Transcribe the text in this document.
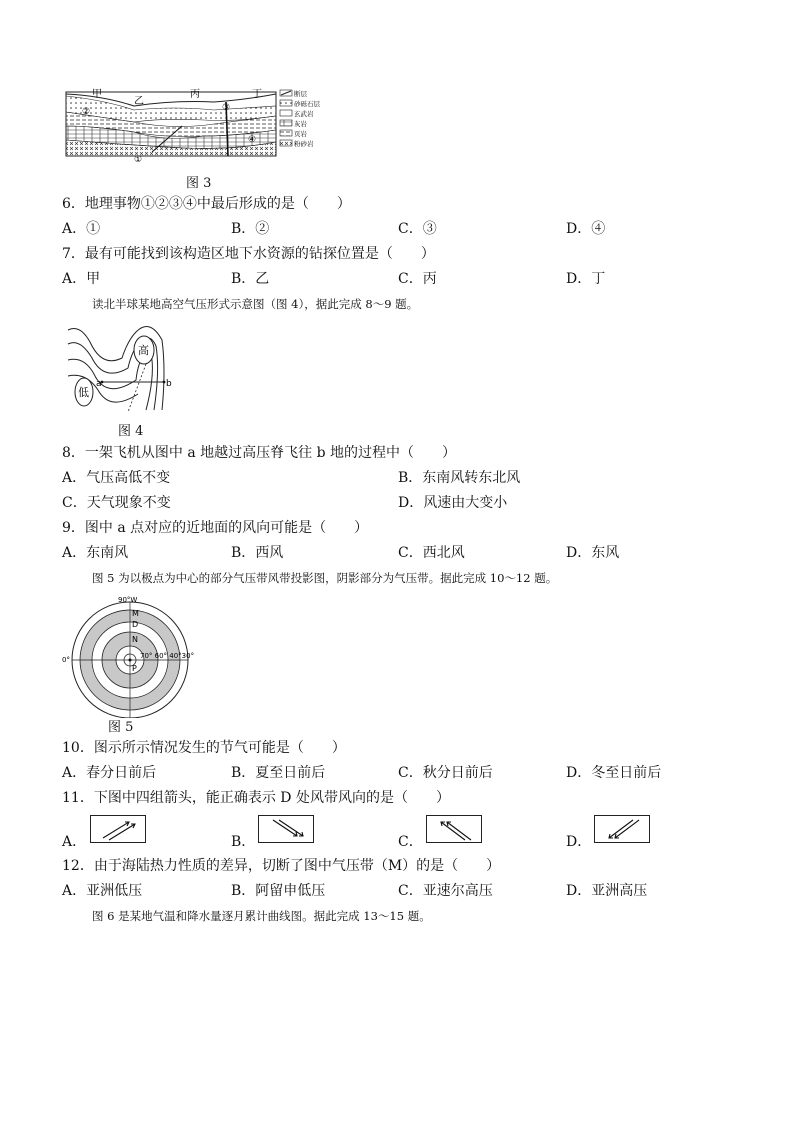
甲
乙
丙	丁
②	③
④
①
断层
砂砾石层
玄武岩
灰岩
页岩
粉砂岩
图 3
6．地理事物①②③④中最后形成的是（　　）
A．①	B．②	C．③	D．④
7．最有可能找到该构造区地下水资源的钻探位置是（　　）
A．甲	B．乙	C．丙	D．丁
读北半球某地高空气压形式示意图（图 4），据此完成 8～9 题。
高
低
a	b
图 4
8．一架飞机从图中 a 地越过高压脊飞往 b 地的过程中（　　）
A．气压高低不变	B．东南风转东北风
C．天气现象不变	D．风速由大变小
9．图中 a 点对应的近地面的风向可能是（　　）
A．东南风	B．西风	C．西北风	D．东风
图 5 为以极点为中心的部分气压带风带投影图，阴影部分为气压带。据此完成 10～12 题。
90°W
0°
M
D
N
P
70° 60° 40°30°
图 5
10．图示所示情况发生的节气可能是（　　）
A．春分日前后	B．夏至日前后	C．秋分日前后	D．冬至日前后
11．下图中四组箭头，能正确表示 D 处风带风向的是（　　）
A．	B．	C．	D．
12．由于海陆热力性质的差异，切断了图中气压带（M）的是（　　）
A．亚洲低压	B．阿留申低压	C．亚速尔高压	D．亚洲高压
图 6 是某地气温和降水量逐月累计曲线图。据此完成 13～15 题。
